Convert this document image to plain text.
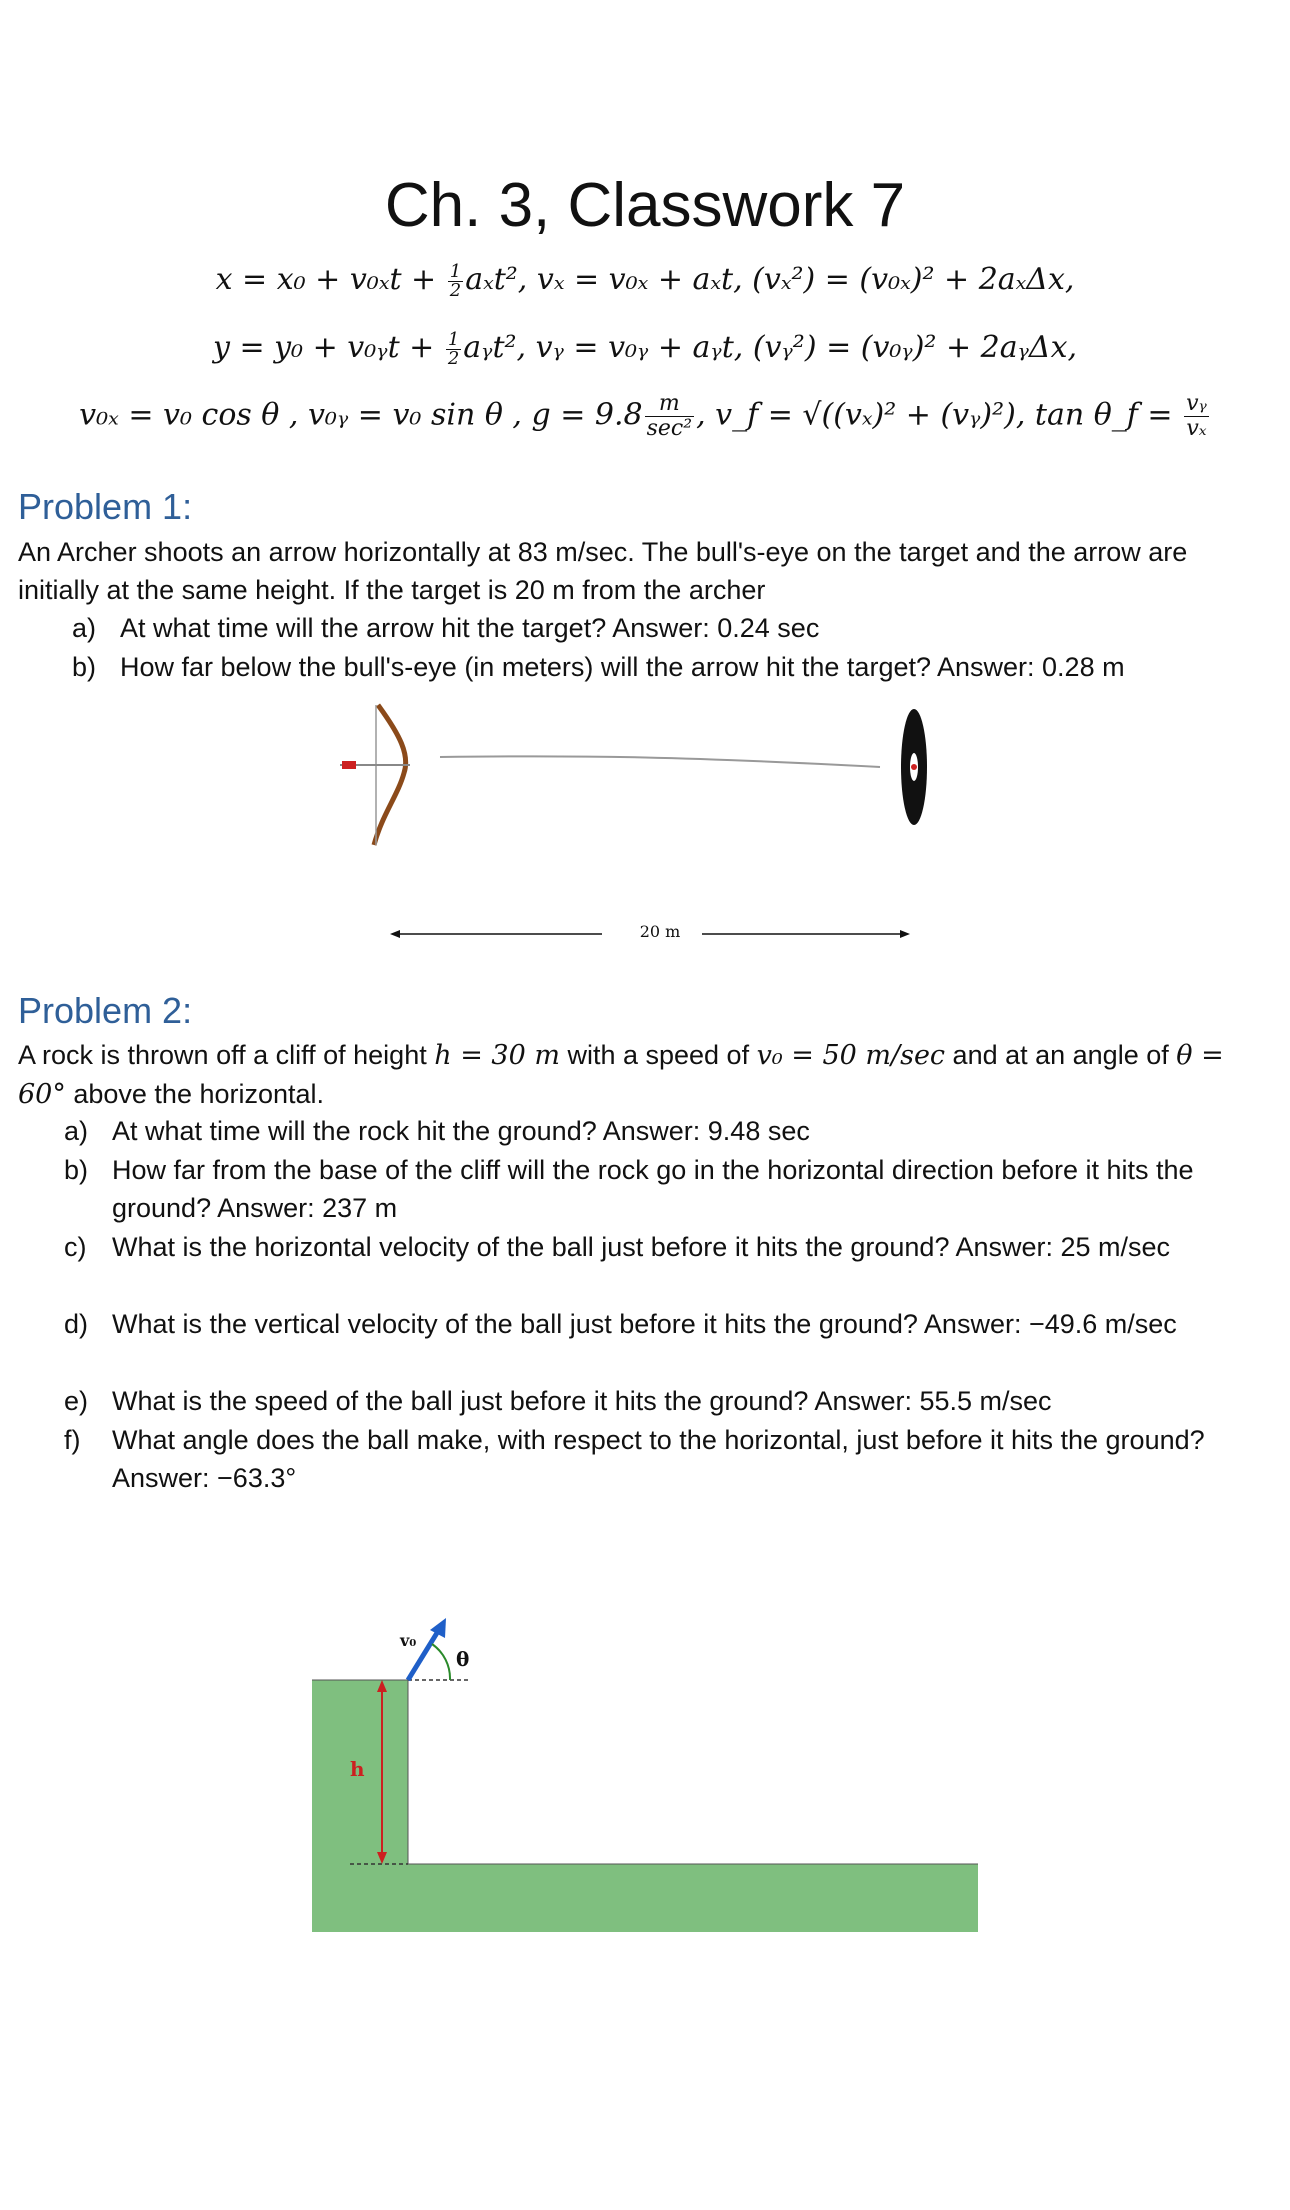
Ch. 3, Classwork 7
$x = x_0 + v_{0x}t + \frac{1}{2} a_xt^2$, vₓ = v₀ₓ + aₓt, (vₓ²) = (v₀ₓ)² + 2aₓΔx,
y = y₀ + v₀ᵧt + $\frac{1}{2}$ aᵧt², vᵧ = v₀ᵧ + aᵧt, (vᵧ²) = (v₀ᵧ)² + 2aᵧΔx,
v₀ₓ = v₀ cos θ , v₀ᵧ = v₀ sin θ , $g = 9.8 \frac{m}{\text{sec²}}$ , v_f = √((vₓ)² + (vᵧ)²), tan θ_f = $\frac{\text{vᵧ}}{\text{vₓ}}$
Problem 1:
An Archer shoots an arrow horizontally at 83 m/sec. The bull's-eye on the target and the arrow are initially at the same height. If the target is 20 m from the archer
a) At what time will the arrow hit the target? Answer: 0.24 sec
b) How far below the bull's-eye (in meters) will the arrow hit the target? Answer: 0.28 m
20 m
Problem 2:
A rock is thrown off a cliff of height h = 30 m with a speed of v₀ = 50 m/sec and at an angle of θ = 60° above the horizontal.
a) At what time will the rock hit the ground? Answer: 9.48 sec
b) How far from the base of the cliff will the rock go in the horizontal direction before it hits the ground? Answer: 237 m
c) What is the horizontal velocity of the ball just before it hits the ground? Answer: 25 m/sec
d) What is the vertical velocity of the ball just before it hits the ground? Answer: −49.6 m/sec
e) What is the speed of the ball just before it hits the ground? Answer: 55.5 m/sec
f)	What angle does the ball make, with respect to the horizontal, just before it hits the ground? Answer: −63.3°
h
v₀
θ
